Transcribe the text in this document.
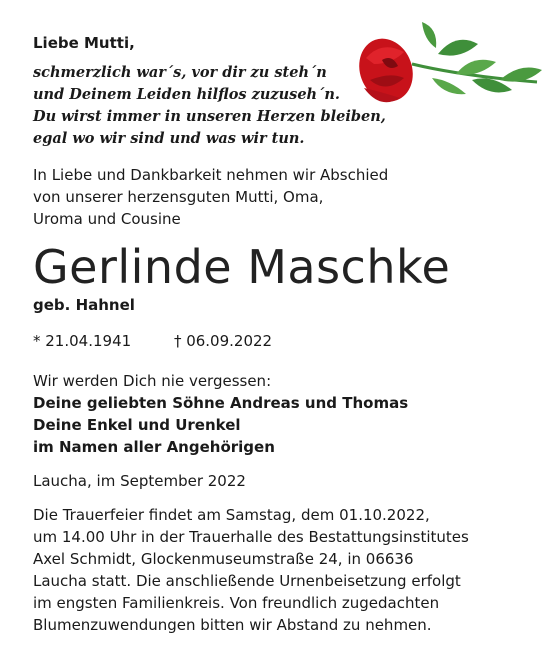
Liebe Mutti,
schmerzlich war´s, vor dir zu steh´n
und Deinem Leiden hilflos zuzuseh´n.
Du wirst immer in unseren Herzen bleiben,
egal wo wir sind und was wir tun.
In Liebe und Dankbarkeit nehmen wir Abschied
von unserer herzensguten Mutti, Oma,
Uroma und Cousine
Gerlinde Maschke
geb. Hahnel
* 21.04.1941	† 06.09.2022
Wir werden Dich nie vergessen:
Deine geliebten Söhne Andreas und Thomas
Deine Enkel und Urenkel
im Namen aller Angehörigen
Laucha, im September 2022
Die Trauerfeier findet am Samstag, dem 01.10.2022,
um 14.00 Uhr in der Trauerhalle des Bestattungsinstitutes
Axel Schmidt, Glockenmuseumstraße 24, in 06636
Laucha statt. Die anschließende Urnenbeisetzung erfolgt
im engsten Familienkreis. Von freundlich zugedachten
Blumenzuwendungen bitten wir Abstand zu nehmen.
